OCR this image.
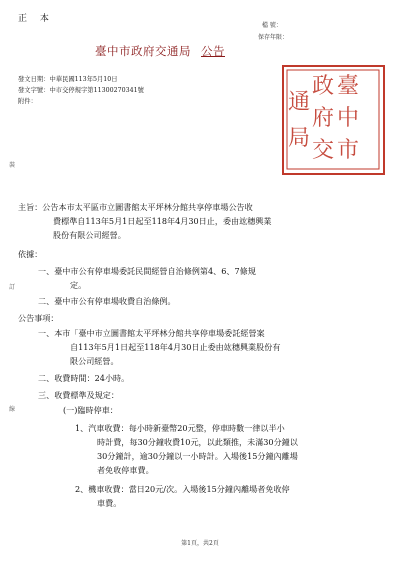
正 本
檔 號：
保存年限：
臺中市政府交通局 公告
發文日期：中華民國113年5月10日
發文字號：中市交停規字第11300270341號
附件：
裝
訂
線
臺
中
市
政
府
交
通
局
主旨：公告本市太平區市立圖書館太平坪林分館共享停車場公告收
費標準自113年5月1日起至118年4月30日止，委由竑穗興業
股份有限公司經營。
依據：
一、臺中市公有停車場委託民間經營自治條例第4、6、7條規
定。
二、臺中市公有停車場收費自治條例。
公告事項：
一、本市「臺中市立圖書館太平坪林分館共享停車場委託經營案
自113年5月1日起至118年4月30日止委由竑穗興業股份有
限公司經營。
二、收費時間：24小時。
三、收費標準及規定：
(一)臨時停車：
1、汽車收費：每小時新臺幣20元整，停車時數一律以半小
時計費，每30分鐘收費10元，以此類推，未滿30分鐘以
30分鐘計，逾30分鐘以一小時計。入場後15分鐘內離場
者免收停車費。
2、機車收費：當日20元/次。入場後15分鐘內離場者免收停
車費。
第1頁，共2頁
